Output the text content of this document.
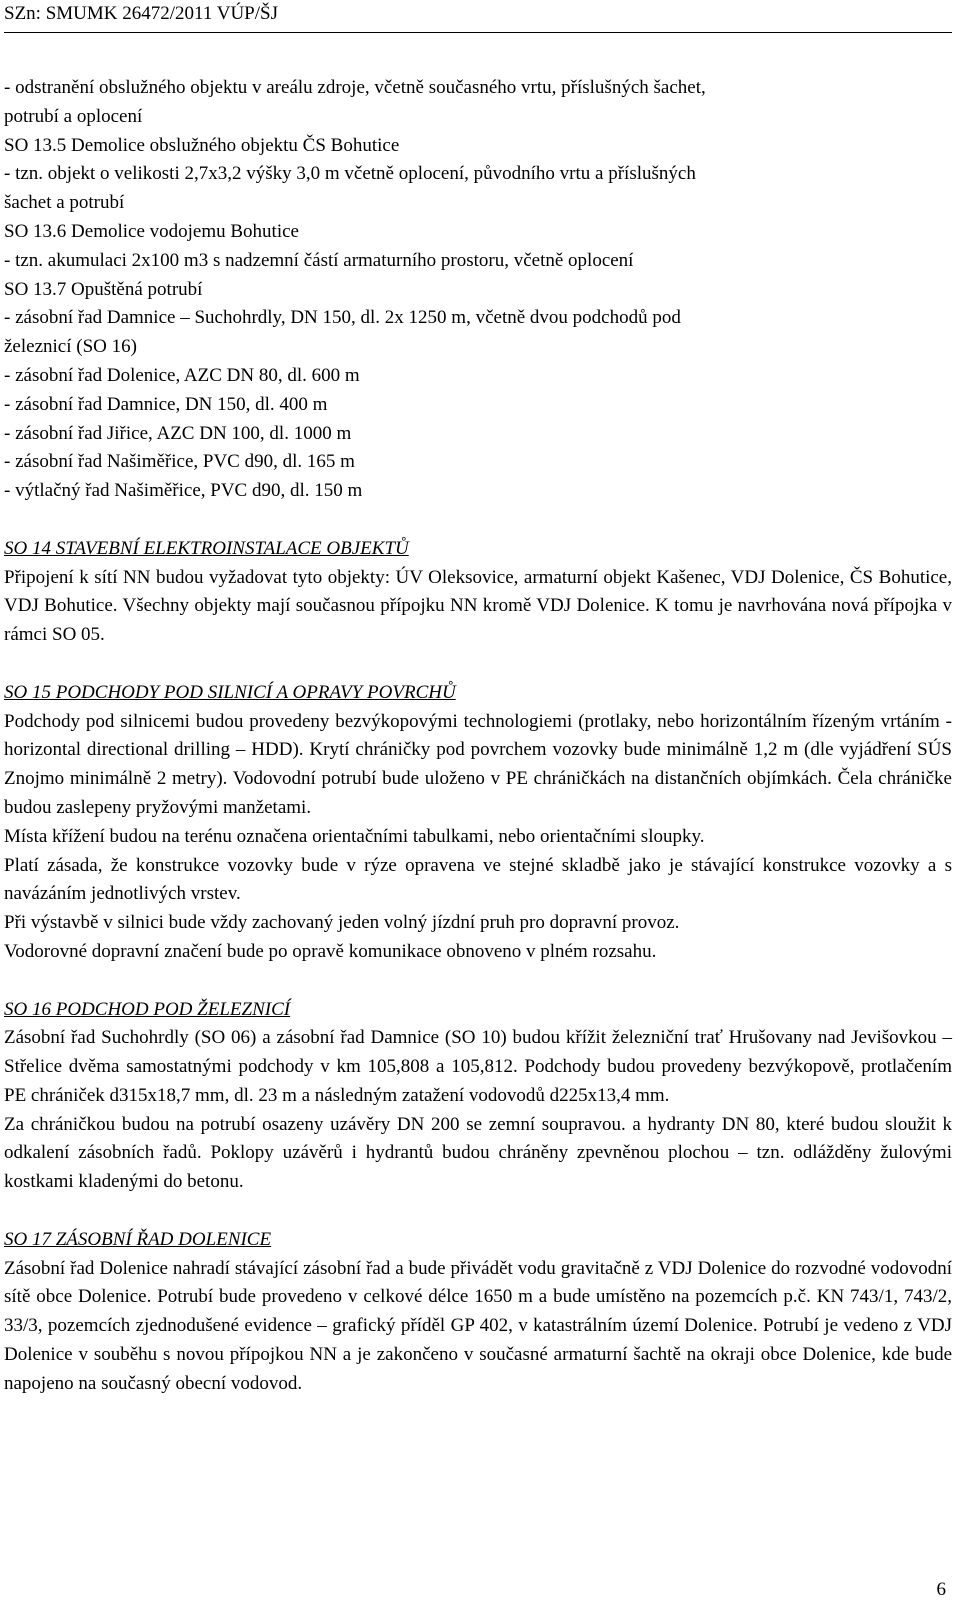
SZn: SMUMK 26472/2011 VÚP/ŠJ
- odstranění obslužného objektu v areálu zdroje, včetně současného vrtu, příslušných šachet,
potrubí a oplocení
SO 13.5 Demolice obslužného objektu ČS Bohutice
- tzn. objekt o velikosti 2,7x3,2 výšky 3,0 m včetně oplocení, původního vrtu a příslušných
šachet a potrubí
SO 13.6 Demolice vodojemu Bohutice
- tzn. akumulaci 2x100 m3 s nadzemní částí armaturního prostoru, včetně oplocení
SO 13.7 Opuštěná potrubí
- zásobní řad Damnice – Suchohrdly, DN 150, dl. 2x 1250 m, včetně dvou podchodů pod
železnicí (SO 16)
- zásobní řad Dolenice, AZC DN 80, dl. 600 m
- zásobní řad Damnice, DN 150, dl. 400 m
- zásobní řad Jiřice, AZC DN 100, dl. 1000 m
- zásobní řad Našiměřice, PVC d90, dl. 165 m
- výtlačný řad Našiměřice, PVC d90, dl. 150 m
SO 14 STAVEBNÍ ELEKTROINSTALACE OBJEKTŮ

Připojení k sítí NN budou vyžadovat tyto objekty: ÚV Oleksovice, armaturní objekt Kašenec, VDJ Dolenice, ČS Bohutice, VDJ Bohutice. Všechny objekty mají současnou přípojku NN kromě VDJ Dolenice. K tomu je navrhována nová přípojka v rámci SO 05.

SO 15 PODCHODY POD SILNICÍ A OPRAVY POVRCHŮ

Podchody pod silnicemi budou provedeny bezvýkopovými technologiemi (protlaky, nebo horizontálním řízeným vrtáním - horizontal directional drilling – HDD). Krytí chráničky pod povrchem vozovky bude minimálně 1,2 m (dle vyjádření SÚS Znojmo minimálně 2 metry). Vodovodní potrubí bude uloženo v PE chráničkách na distančních objímkách. Čela chráničke budou zaslepeny pryžovými manžetami.

Místa křížení budou na terénu označena orientačními tabulkami, nebo orientačními sloupky.

Platí zásada, že konstrukce vozovky bude v rýze opravena ve stejné skladbě jako je stávající konstrukce vozovky a s navázáním jednotlivých vrstev.

Při výstavbě v silnici bude vždy zachovaný jeden volný jízdní pruh pro dopravní provoz.

Vodorovné dopravní značení bude po opravě komunikace obnoveno v plném rozsahu.

SO 16 PODCHOD POD ŽELEZNICÍ

Zásobní řad Suchohrdly (SO 06) a zásobní řad Damnice (SO 10) budou křížit železniční trať Hrušovany nad Jevišovkou – Střelice dvěma samostatnými podchody v km 105,808 a 105,812. Podchody budou provedeny bezvýkopově, protlačením PE chrániček d315x18,7 mm, dl. 23 m a následným zatažení vodovodů d225x13,4 mm.

Za chráničkou budou na potrubí osazeny uzávěry DN 200 se zemní soupravou. a hydranty DN 80, které budou sloužit k odkalení zásobních řadů. Poklopy uzávěrů i hydrantů budou chráněny zpevněnou plochou – tzn. odlážděny žulovými kostkami kladenými do betonu.

SO 17 ZÁSOBNÍ ŘAD DOLENICE

Zásobní řad Dolenice nahradí stávající zásobní řad a bude přivádět vodu gravitačně z VDJ Dolenice do rozvodné vodovodní sítě obce Dolenice. Potrubí bude provedeno v celkové délce 1650 m a bude umístěno na pozemcích p.č. KN 743/1, 743/2, 33/3, pozemcích zjednodušené evidence – grafický příděl GP 402, v katastrálním území Dolenice. Potrubí je vedeno z VDJ Dolenice v souběhu s novou přípojkou NN a je zakončeno v současné armaturní šachtě na okraji obce Dolenice, kde bude napojeno na současný obecní vodovod.

6
